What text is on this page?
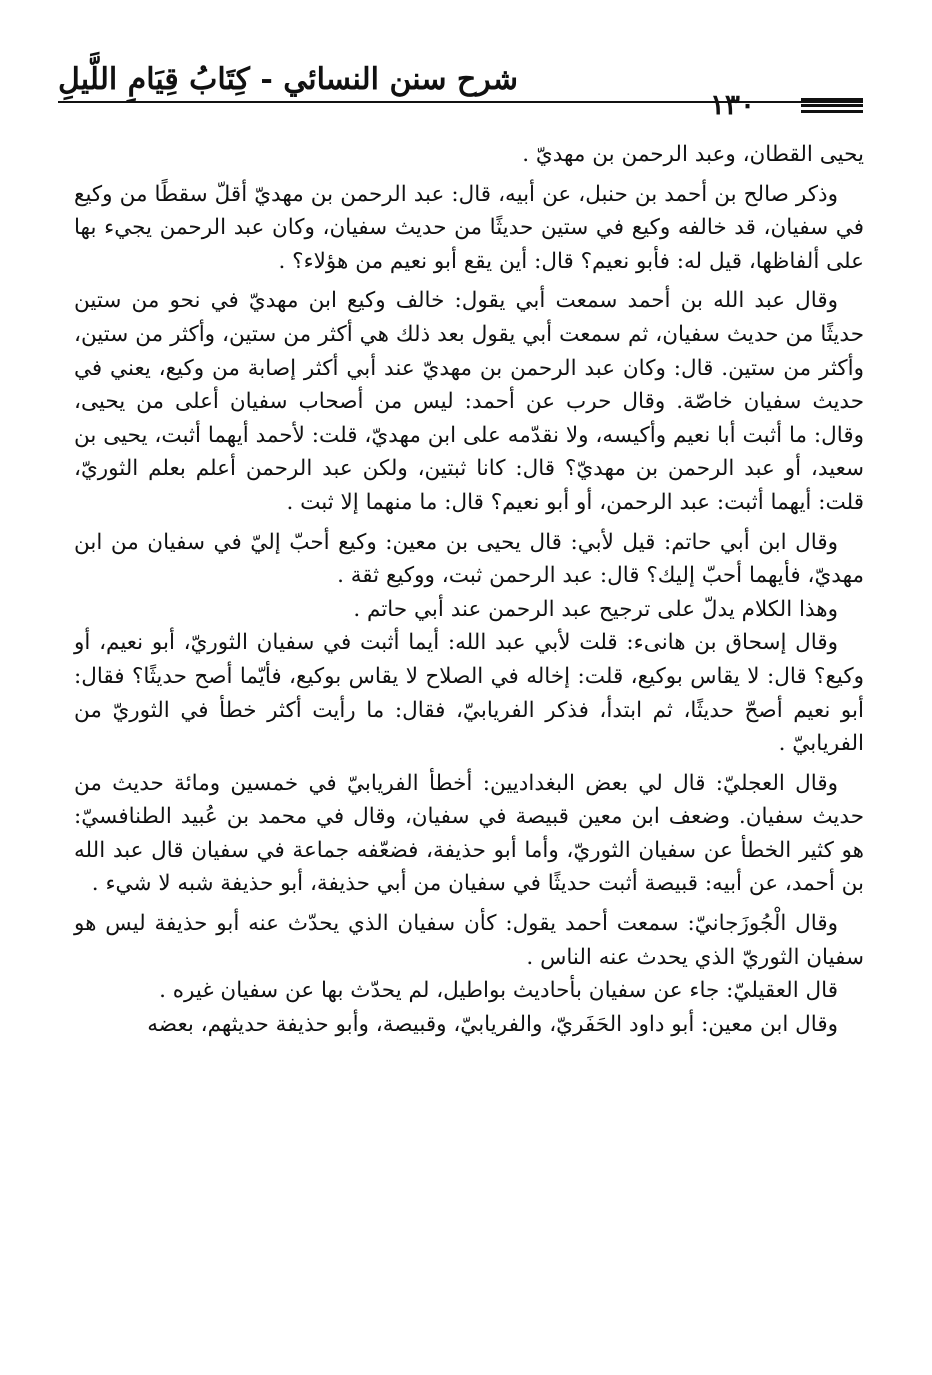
شرح سنن النسائي - كِتَابُ قِيَامِ اللَّيلِ
١٣٠

يحيى القطان، وعبد الرحمن بن مهديّ .

وذكر صالح بن أحمد بن حنبل، عن أبيه، قال: عبد الرحمن بن مهديّ أقلّ سقطًا من وكيع في سفيان، قد خالفه وكيع في ستين حديثًا من حديث سفيان، وكان عبد الرحمن يجيء بها على ألفاظها، قيل له: فأبو نعيم؟ قال: أين يقع أبو نعيم من هؤلاء؟ .

وقال عبد الله بن أحمد سمعت أبي يقول: خالف وكيع ابن مهديّ في نحو من ستين حديثًا من حديث سفيان، ثم سمعت أبي يقول بعد ذلك هي أكثر من ستين، وأكثر من ستين، وأكثر من ستين. قال: وكان عبد الرحمن بن مهديّ عند أبي أكثر إصابة من وكيع، يعني في حديث سفيان خاصّة. وقال حرب عن أحمد: ليس من أصحاب سفيان أعلى من يحيى، وقال: ما أثبت أبا نعيم وأكيسه، ولا نقدّمه على ابن مهديّ، قلت: لأحمد أيهما أثبت، يحيى بن سعيد، أو عبد الرحمن بن مهديّ؟ قال: كانا ثبتين، ولكن عبد الرحمن أعلم بعلم الثوريّ، قلت: أيهما أثبت: عبد الرحمن، أو أبو نعيم؟ قال: ما منهما إلا ثبت .

وقال ابن أبي حاتم: قيل لأبي: قال يحيى بن معين: وكيع أحبّ إليّ في سفيان من ابن مهديّ، فأيهما أحبّ إليك؟ قال: عبد الرحمن ثبت، ووكيع ثقة .

وهذا الكلام يدلّ على ترجيح عبد الرحمن عند أبي حاتم .

وقال إسحاق بن هانىء: قلت لأبي عبد الله: أيما أثبت في سفيان الثوريّ، أبو نعيم، أو وكيع؟ قال: لا يقاس بوكيع، قلت: إخاله في الصلاح لا يقاس بوكيع، فأيّما أصح حديثًا؟ فقال: أبو نعيم أصحّ حديثًا، ثم ابتدأ، فذكر الفريابيّ، فقال: ما رأيت أكثر خطأ في الثوريّ من الفريابيّ .

وقال العجليّ: قال لي بعض البغداديين: أخطأ الفريابيّ في خمسين ومائة حديث من حديث سفيان. وضعف ابن معين قبيصة في سفيان، وقال في محمد بن عُبيد الطنافسيّ: هو كثير الخطأ عن سفيان الثوريّ، وأما أبو حذيفة، فضعّفه جماعة في سفيان قال عبد الله بن أحمد، عن أبيه: قبيصة أثبت حديثًا في سفيان من أبي حذيفة، أبو حذيفة شبه لا شيء .

وقال الْجُوزَجانيّ: سمعت أحمد يقول: كأن سفيان الذي يحدّث عنه أبو حذيفة ليس هو سفيان الثوريّ الذي يحدث عنه الناس .

قال العقيليّ: جاء عن سفيان بأحاديث بواطيل، لم يحدّث بها عن سفيان غيره .

وقال ابن معين: أبو داود الحَفَريّ، والفريابيّ، وقبيصة، وأبو حذيفة حديثهم، بعضه
